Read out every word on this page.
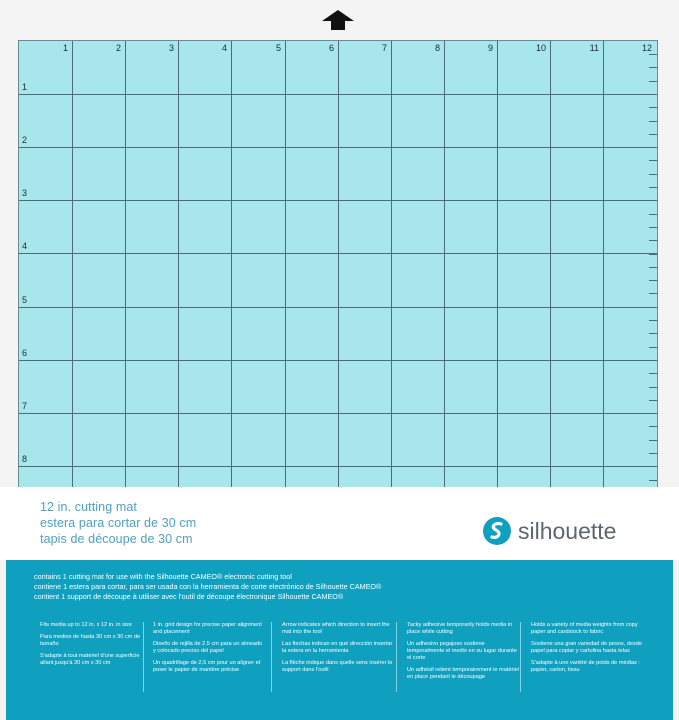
1	2	3	4	5	6	7	8	9	10	11	12
1
2
3
4
5
6
7
8
12 in. cutting mat
estera para cortar de 30 cm
tapis de découpe de 30 cm	silhouette
contains 1 cutting mat for use with the Silhouette CAMEO® electronic cutting tool
contiene 1 estera para cortar, para ser usada con la herramienta de corte electrónico de Silhouette CAMEO®
contient 1 support de découpe à utiliser avec l'outil de découpe électronique Silhouette CAMEO®

Fits media up to 12 in. x 12 in. in size

Para medios de hasta 30 cm x 30 cm de tamaño

S'adapte à tout matériel d'une superficie allant jusqu'à 30 cm x 30 cm

1 in. grid design for precise paper alignment and placement

Diseño de rejilla de 2.5 cm para un alineado y colocado preciso del papel

Un quadrillage de 2,5 cm pour un aligner et poser le papier de manière précise

Arrow indicates which direction to insert the mat into the tool

Las flechas indican en qué dirección insertar la estera en la herramienta

La flèche indique dans quelle sens insérer le support dans l'outil

Tacky adhesive temporarily holds media in place while cutting

Un adhesivo pegajoso sostiene temporalmente el medio en su lugar durante el corte

Un adhésif retient temporairement le matériel en place pendant le découpage

Holds a variety of media weights from copy paper and cardstock to fabric

Sostiene una gran variedad de pesos, desde papel para copiar y cartulina hasta telas

S'adapte à une variété de poids de médias : papier, carton, tissu
